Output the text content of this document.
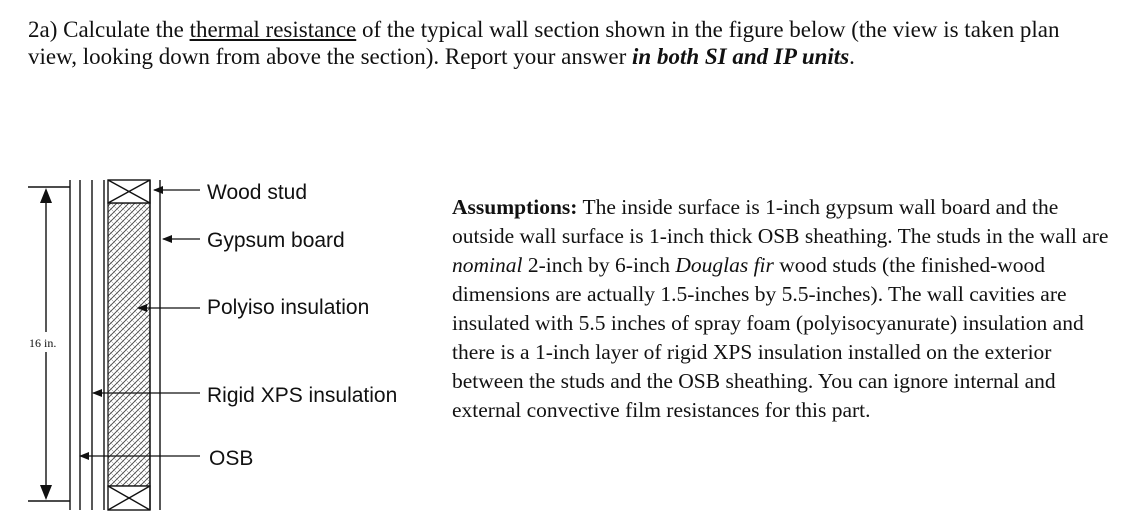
2a) Calculate the thermal resistance of the typical wall section shown in the figure below (the view is taken plan view, looking down from above the section). Report your answer in both SI and IP units.
16 in.
Wood stud
Gypsum board
Polyiso insulation
Rigid XPS insulation
OSB
Assumptions: The inside surface is 1-inch gypsum wall board and the outside wall surface is 1-inch thick OSB sheathing. The studs in the wall are nominal 2-inch by 6-inch Douglas fir wood studs (the finished-wood dimensions are actually 1.5-inches by 5.5-inches). The wall cavities are insulated with 5.5 inches of spray foam (polyisocyanurate) insulation and there is a 1-inch layer of rigid XPS insulation installed on the exterior between the studs and the OSB sheathing. You can ignore internal and external convective film resistances for this part.
